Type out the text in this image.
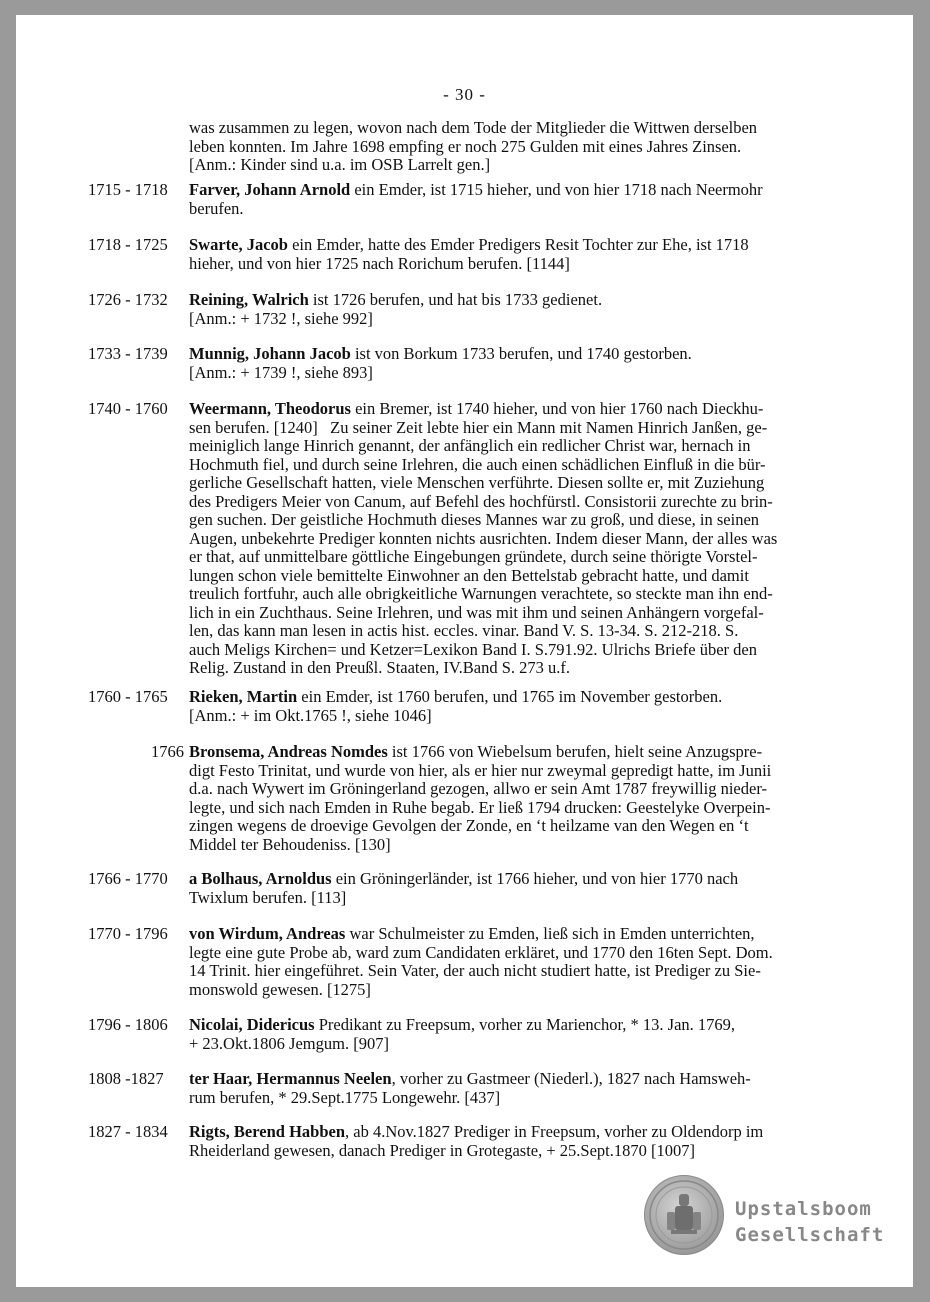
- 30 -
was zusammen zu legen, wovon nach dem Tode der Mitglieder die Wittwen derselben
leben konnten. Im Jahre 1698 empfing er noch 275 Gulden mit eines Jahres Zinsen.
[Anm.: Kinder sind u.a. im OSB Larrelt gen.]
1715 - 1718	Farver, Johann Arnold ein Emder, ist 1715 hieher, und von hier 1718 nach Neermohr
berufen.
1718 - 1725	Swarte, Jacob ein Emder, hatte des Emder Predigers Resit Tochter zur Ehe, ist 1718
hieher, und von hier 1725 nach Rorichum berufen. [1144]
1726 - 1732	Reining, Walrich ist 1726 berufen, und hat bis 1733 gedienet.
[Anm.: + 1732 !, siehe 992]
1733 - 1739	Munnig, Johann Jacob ist von Borkum 1733 berufen, und 1740 gestorben.
[Anm.: + 1739 !, siehe 893]
1740 - 1760	Weermann, Theodorus ein Bremer, ist 1740 hieher, und von hier 1760 nach Dieckhu-
sen berufen. [1240]   Zu seiner Zeit lebte hier ein Mann mit Namen Hinrich Janßen, ge-
meiniglich lange Hinrich genannt, der anfänglich ein redlicher Christ war, hernach in
Hochmuth fiel, und durch seine Irlehren, die auch einen schädlichen Einfluß in die bür-
gerliche Gesellschaft hatten, viele Menschen verführte. Diesen sollte er, mit Zuziehung
des Predigers Meier von Canum, auf Befehl des hochfürstl. Consistorii zurechte zu brin-
gen suchen. Der geistliche Hochmuth dieses Mannes war zu groß, und diese, in seinen
Augen, unbekehrte Prediger konnten nichts ausrichten. Indem dieser Mann, der alles was
er that, auf unmittelbare göttliche Eingebungen gründete, durch seine thörigte Vorstel-
lungen schon viele bemittelte Einwohner an den Bettelstab gebracht hatte, und damit
treulich fortfuhr, auch alle obrigkeitliche Warnungen verachtete, so steckte man ihn end-
lich in ein Zuchthaus. Seine Irlehren, und was mit ihm und seinen Anhängern vorgefal-
len, das kann man lesen in actis hist. eccles. vinar. Band V. S. 13-34. S. 212-218. S.
auch Meligs Kirchen= und Ketzer=Lexikon Band I. S.791.92. Ulrichs Briefe über den
Relig. Zustand in den Preußl. Staaten, IV.Band S. 273 u.f.
1760 - 1765	Rieken, Martin ein Emder, ist 1760 berufen, und 1765 im November gestorben.
[Anm.: + im Okt.1765 !, siehe 1046]
1766 Bronsema, Andreas Nomdes ist 1766 von Wiebelsum berufen, hielt seine Anzugspre-
digt Festo Trinitat, und wurde von hier, als er hier nur zweymal gepredigt hatte, im Junii
d.a. nach Wywert im Gröningerland gezogen, allwo er sein Amt 1787 freywillig nieder-
legte, und sich nach Emden in Ruhe begab. Er ließ 1794 drucken: Geestelyke Overpein-
zingen wegens de droevige Gevolgen der Zonde, en ‘t heilzame van den Wegen en ‘t
Middel ter Behoudeniss. [130]
1766 - 1770	a Bolhaus, Arnoldus ein Gröningerländer, ist 1766 hieher, und von hier 1770 nach
Twixlum berufen. [113]
1770 - 1796	von Wirdum, Andreas war Schulmeister zu Emden, ließ sich in Emden unterrichten,
legte eine gute Probe ab, ward zum Candidaten erkläret, und 1770 den 16ten Sept. Dom.
14 Trinit. hier eingeführet. Sein Vater, der auch nicht studiert hatte, ist Prediger zu Sie-
monswold gewesen. [1275]
1796 - 1806	Nicolai, Didericus Predikant zu Freepsum, vorher zu Marienchor, * 13. Jan. 1769,
+ 23.Okt.1806 Jemgum. [907]
1808 -1827	ter Haar, Hermannus Neelen, vorher zu Gastmeer (Niederl.), 1827 nach Hamsweh-
rum berufen, * 29.Sept.1775 Longewehr. [437]
1827 - 1834	Rigts, Berend Habben, ab 4.Nov.1827 Prediger in Freepsum, vorher zu Oldendorp im
Rheiderland gewesen, danach Prediger in Grotegaste, + 25.Sept.1870 [1007]
Upstalsboom
Gesellschaft
